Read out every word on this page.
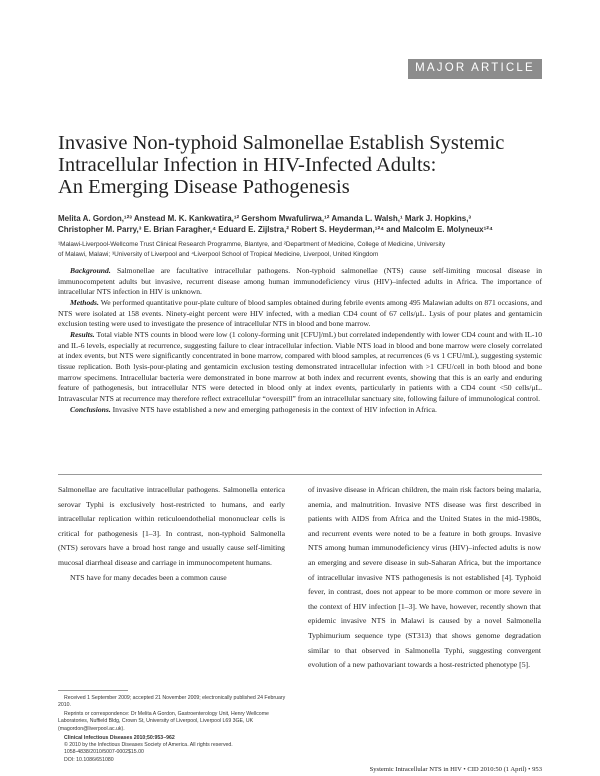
MAJOR ARTICLE
Invasive Non-typhoid Salmonellae Establish Systemic
Intracellular Infection in HIV-Infected Adults:
An Emerging Disease Pathogenesis
Melita A. Gordon,¹²³ Anstead M. K. Kankwatira,¹² Gershom Mwafulirwa,¹² Amanda L. Walsh,¹ Mark J. Hopkins,³
Christopher M. Parry,³ E. Brian Faragher,⁴ Eduard E. Zijlstra,² Robert S. Heyderman,¹²⁴ and Malcolm E. Molyneux¹²⁴
¹Malawi-Liverpool-Wellcome Trust Clinical Research Programme, Blantyre, and ²Department of Medicine, College of Medicine, University
of Malawi, Malawi; ³University of Liverpool and ⁴Liverpool School of Tropical Medicine, Liverpool, United Kingdom

Background. Salmonellae are facultative intracellular pathogens. Non-typhoid salmonellae (NTS) cause self-limiting mucosal disease in immunocompetent adults but invasive, recurrent disease among human immunodeficiency virus (HIV)–infected adults in Africa. The importance of intracellular NTS infection in HIV is unknown.

Methods. We performed quantitative pour-plate culture of blood samples obtained during febrile events among 495 Malawian adults on 871 occasions, and NTS were isolated at 158 events. Ninety-eight percent were HIV infected, with a median CD4 count of 67 cells/μL. Lysis of pour plates and gentamicin exclusion testing were used to investigate the presence of intracellular NTS in blood and bone marrow.

Results. Total viable NTS counts in blood were low (1 colony-forming unit [CFU]/mL) but correlated independently with lower CD4 count and with IL-10 and IL-6 levels, especially at recurrence, suggesting failure to clear intracellular infection. Viable NTS load in blood and bone marrow were closely correlated at index events, but NTS were significantly concentrated in bone marrow, compared with blood samples, at recurrences (6 vs 1 CFU/mL), suggesting systemic tissue replication. Both lysis-pour-plating and gentamicin exclusion testing demonstrated intracellular infection with >1 CFU/cell in both blood and bone marrow specimens. Intracellular bacteria were demonstrated in bone marrow at both index and recurrent events, showing that this is an early and enduring feature of pathogenesis, but intracellular NTS were detected in blood only at index events, particularly in patients with a CD4 count <50 cells/μL. Intravascular NTS at recurrence may therefore reflect extracellular “overspill” from an intracellular sanctuary site, following failure of immunological control.

Conclusions. Invasive NTS have established a new and emerging pathogenesis in the context of HIV infection in Africa.

Salmonellae are facultative intracellular pathogens. Salmonella enterica serovar Typhi is exclusively host-restricted to humans, and early intracellular replication within reticuloendothelial mononuclear cells is critical for pathogenesis [1–3]. In contrast, non-typhoid Salmonella (NTS) serovars have a broad host range and usually cause self-limiting mucosal diarrheal disease and carriage in immunocompetent humans.

NTS have for many decades been a common cause

of invasive disease in African children, the main risk factors being malaria, anemia, and malnutrition. Invasive NTS disease was first described in patients with AIDS from Africa and the United States in the mid-1980s, and recurrent events were noted to be a feature in both groups. Invasive NTS among human immunodeficiency virus (HIV)–infected adults is now an emerging and severe disease in sub-Saharan Africa, but the importance of intracellular invasive NTS pathogenesis is not established [4]. Typhoid fever, in contrast, does not appear to be more common or more severe in the context of HIV infection [1–3]. We have, however, recently shown that epidemic invasive NTS in Malawi is caused by a novel Salmonella Typhimurium sequence type (ST313) that shows genome degradation similar to that observed in Salmonella Typhi, suggesting convergent evolution of a new pathovariant towards a host-restricted phenotype [5].

Received 1 September 2009; accepted 21 November 2009; electronically published 24 February 2010.

Reprints or correspondence: Dr Melita A Gordon, Gastroenterology Unit, Henry Wellcome Laboratories, Nuffield Bldg, Crown St, University of Liverpool, Liverpool L69 3GE, UK (magordon@liverpool.ac.uk).

Clinical Infectious Diseases 2010;50:953–962

© 2010 by the Infectious Diseases Society of America. All rights reserved.

1058-4838/2010/5007-0002$15.00

DOI: 10.1086/651080

Systemic Intracellular NTS in HIV • CID 2010:50 (1 April) • 953
